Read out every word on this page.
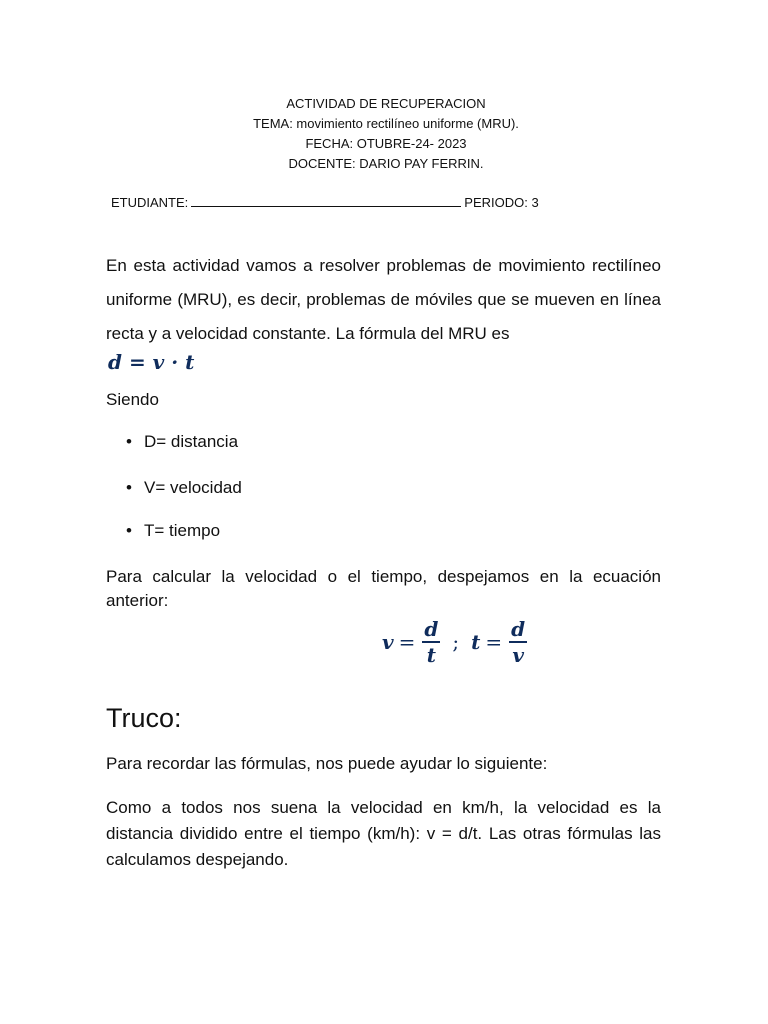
ACTIVIDAD DE RECUPERACION
TEMA: movimiento rectilíneo uniforme (MRU).
FECHA: OTUBRE-24- 2023
DOCENTE: DARIO PAY FERRIN.
ETUDIANTE:	PERIODO: 3
En esta actividad vamos a resolver problemas de movimiento rectilíneo uniforme (MRU), es decir, problemas de móviles que se mueven en línea recta y a velocidad constante. La fórmula del MRU es
d = v · t
Siendo
• D= distancia
• V= velocidad
• T= tiempo
Para calcular la velocidad o el tiempo, despejamos en la ecuación anterior:
$v = \frac{d}{t}$ ; $t = \frac{d}{v}$
Truco:
Para recordar las fórmulas, nos puede ayudar lo siguiente:
Como a todos nos suena la velocidad en km/h, la velocidad es la distancia dividido entre el tiempo (km/h): v = d/t. Las otras fórmulas las calculamos despejando.
